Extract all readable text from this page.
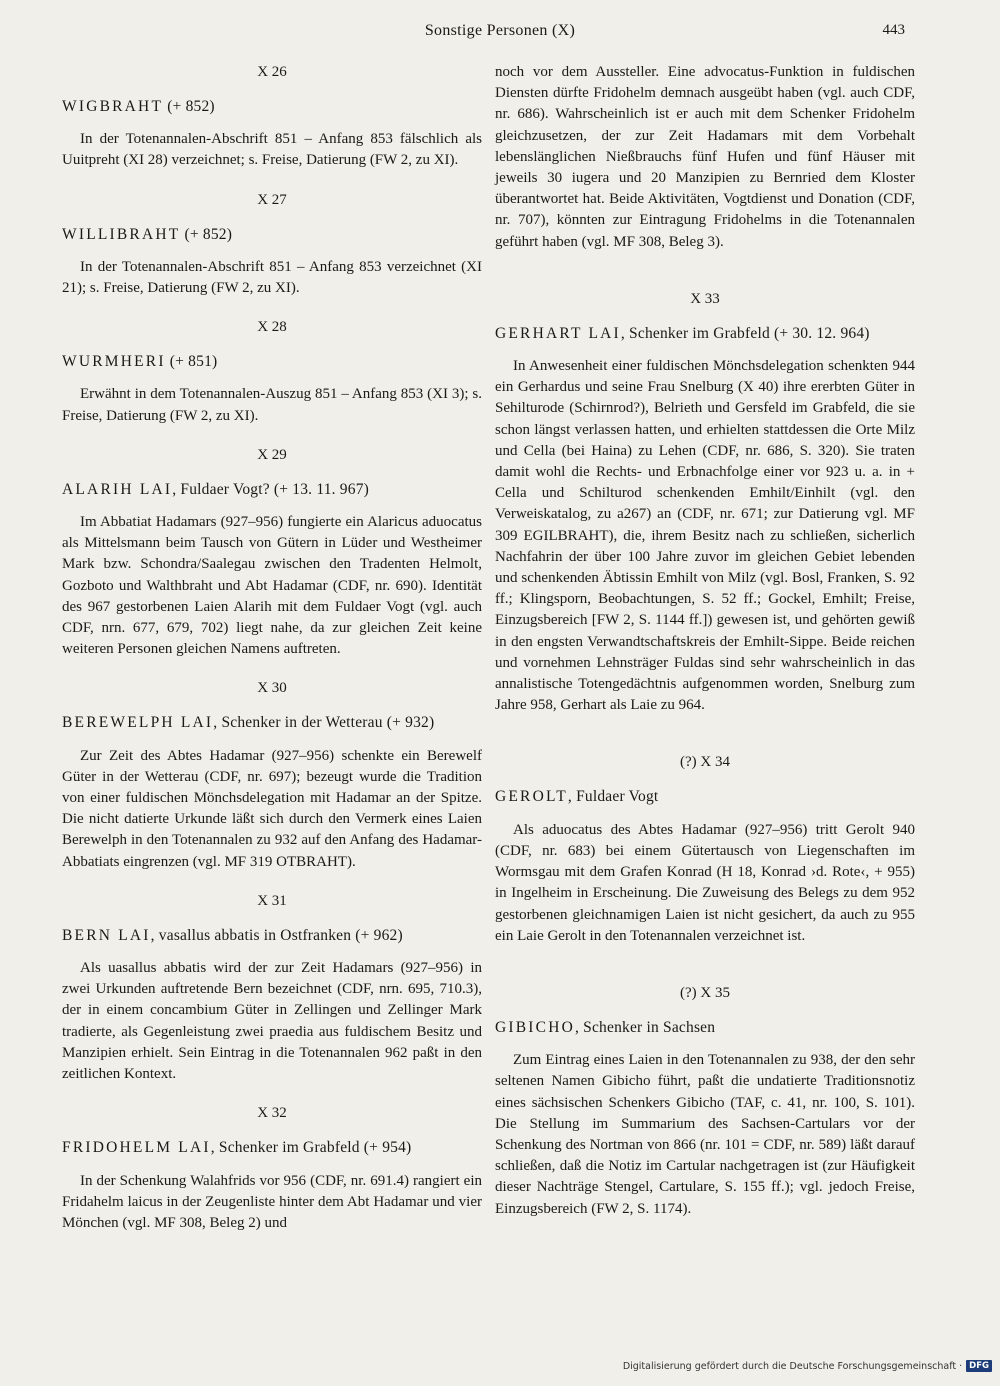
Sonstige Personen (X)	443
X 26
WIGBRAHT (+ 852)

In der Totenannalen-Abschrift 851 – Anfang 853 fälschlich als Uuitpreht (XI 28) verzeichnet; s. Freise, Datierung (FW 2, zu XI).

X 27
WILLIBRAHT (+ 852)

In der Totenannalen-Abschrift 851 – Anfang 853 verzeichnet (XI 21); s. Freise, Datierung (FW 2, zu XI).

X 28
WURMHERI (+ 851)

Erwähnt in dem Totenannalen-Auszug 851 – Anfang 853 (XI 3); s. Freise, Datierung (FW 2, zu XI).

X 29
ALARIH LAI, Fuldaer Vogt? (+ 13. 11. 967)

Im Abbatiat Hadamars (927–956) fungierte ein Alaricus aduocatus als Mittelsmann beim Tausch von Gütern in Lüder und Westheimer Mark bzw. Schondra/Saalegau zwischen den Tradenten Helmolt, Gozboto und Walthbraht und Abt Hadamar (CDF, nr. 690). Identität des 967 gestorbenen Laien Alarih mit dem Fuldaer Vogt (vgl. auch CDF, nrn. 677, 679, 702) liegt nahe, da zur gleichen Zeit keine weiteren Personen gleichen Namens auftreten.

X 30
BEREWELPH LAI, Schenker in der Wetterau (+ 932)

Zur Zeit des Abtes Hadamar (927–956) schenkte ein Berewelf Güter in der Wetterau (CDF, nr. 697); bezeugt wurde die Tradition von einer fuldischen Mönchsdelegation mit Hadamar an der Spitze. Die nicht datierte Urkunde läßt sich durch den Vermerk eines Laien Berewelph in den Totenannalen zu 932 auf den Anfang des Hadamar-Abbatiats eingrenzen (vgl. MF 319 OTBRAHT).

X 31
BERN LAI, vasallus abbatis in Ostfranken (+ 962)

Als uasallus abbatis wird der zur Zeit Hadamars (927–956) in zwei Urkunden auftretende Bern bezeichnet (CDF, nrn. 695, 710.3), der in einem concambium Güter in Zellingen und Zellinger Mark tradierte, als Gegenleistung zwei praedia aus fuldischem Besitz und Manzipien erhielt. Sein Eintrag in die Totenannalen 962 paßt in den zeitlichen Kontext.

X 32
FRIDOHELM LAI, Schenker im Grabfeld (+ 954)

In der Schenkung Walahfrids vor 956 (CDF, nr. 691.4) rangiert ein Fridahelm laicus in der Zeugenliste hinter dem Abt Hadamar und vier Mönchen (vgl. MF 308, Beleg 2) und

noch vor dem Aussteller. Eine advocatus-Funktion in fuldischen Diensten dürfte Fridohelm demnach ausgeübt haben (vgl. auch CDF, nr. 686). Wahrscheinlich ist er auch mit dem Schenker Fridohelm gleichzusetzen, der zur Zeit Hadamars mit dem Vorbehalt lebenslänglichen Nießbrauchs fünf Hufen und fünf Häuser mit jeweils 30 iugera und 20 Manzipien zu Bernried dem Kloster überantwortet hat. Beide Aktivitäten, Vogtdienst und Donation (CDF, nr. 707), könnten zur Eintragung Fridohelms in die Totenannalen geführt haben (vgl. MF 308, Beleg 3).

X 33
GERHART LAI, Schenker im Grabfeld (+ 30. 12. 964)

In Anwesenheit einer fuldischen Mönchsdelegation schenkten 944 ein Gerhardus und seine Frau Snelburg (X 40) ihre ererbten Güter in Sehilturode (Schirnrod?), Belrieth und Gersfeld im Grabfeld, die sie schon längst verlassen hatten, und erhielten stattdessen die Orte Milz und Cella (bei Haina) zu Lehen (CDF, nr. 686, S. 320). Sie traten damit wohl die Rechts- und Erbnachfolge einer vor 923 u. a. in + Cella und Schilturod schenkenden Emhilt/Einhilt (vgl. den Verweiskatalog, zu a267) an (CDF, nr. 671; zur Datierung vgl. MF 309 EGILBRAHT), die, ihrem Besitz nach zu schließen, sicherlich Nachfahrin der über 100 Jahre zuvor im gleichen Gebiet lebenden und schenkenden Äbtissin Emhilt von Milz (vgl. Bosl, Franken, S. 92 ff.; Klingsporn, Beobachtungen, S. 52 ff.; Gockel, Emhilt; Freise, Einzugsbereich [FW 2, S. 1144 ff.]) gewesen ist, und gehörten gewiß in den engsten Verwandtschaftskreis der Emhilt-Sippe. Beide reichen und vornehmen Lehnsträger Fuldas sind sehr wahrscheinlich in das annalistische Totengedächtnis aufgenommen worden, Snelburg zum Jahre 958, Gerhart als Laie zu 964.

(?) X 34
GEROLT, Fuldaer Vogt

Als aduocatus des Abtes Hadamar (927–956) tritt Gerolt 940 (CDF, nr. 683) bei einem Gütertausch von Liegenschaften im Wormsgau mit dem Grafen Konrad (H 18, Konrad ›d. Rote‹, + 955) in Ingelheim in Erscheinung. Die Zuweisung des Belegs zu dem 952 gestorbenen gleichnamigen Laien ist nicht gesichert, da auch zu 955 ein Laie Gerolt in den Totenannalen verzeichnet ist.

(?) X 35
GIBICHO, Schenker in Sachsen

Zum Eintrag eines Laien in den Totenannalen zu 938, der den sehr seltenen Namen Gibicho führt, paßt die undatierte Traditionsnotiz eines sächsischen Schenkers Gibicho (TAF, c. 41, nr. 100, S. 101). Die Stellung im Summarium des Sachsen-Cartulars vor der Schenkung des Nortman von 866 (nr. 101 = CDF, nr. 589) läßt darauf schließen, daß die Notiz im Cartular nachgetragen ist (zur Häufigkeit dieser Nachträge Stengel, Cartulare, S. 155 ff.); vgl. jedoch Freise, Einzugsbereich (FW 2, S. 1174).

Digitalisierung gefördert durch die Deutsche Forschungsgemeinschaft · DFG
